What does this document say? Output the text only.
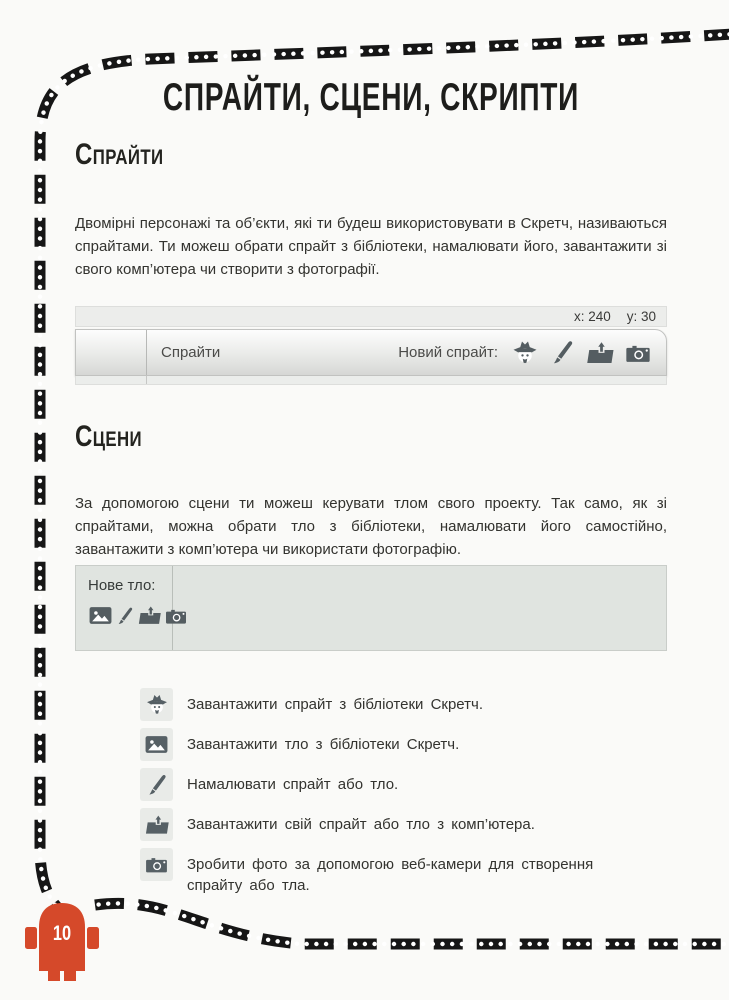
СПРАЙТИ, СЦЕНИ, СКРИПТИ
Спрайти

Двомірні персонажі та об’єкти, які ти будеш використовувати в Скретч, називаються спрайтами. Ти можеш обрати спрайт з бібліотеки, намалювати його, завантажити зі свого комп’ютера чи створити з фотографії.

x: 240 y: 30
Спрайти	Новий спрайт:
Сцени

За допомогою сцени ти можеш керувати тлом свого проекту. Так само, як зі спрайтами, можна обрати тло з бібліотеки, намалювати його самостійно, завантажити з комп’ютера чи використати фотографію.

Нове тло:
Завантажити спрайт з бібліотеки Скретч.
Завантажити тло з бібліотеки Скретч.
Намалювати спрайт або тло.
Завантажити свій спрайт або тло з комп’ютера.
Зробити фото за допомогою веб-камери для створення спрайту або тла.
10
